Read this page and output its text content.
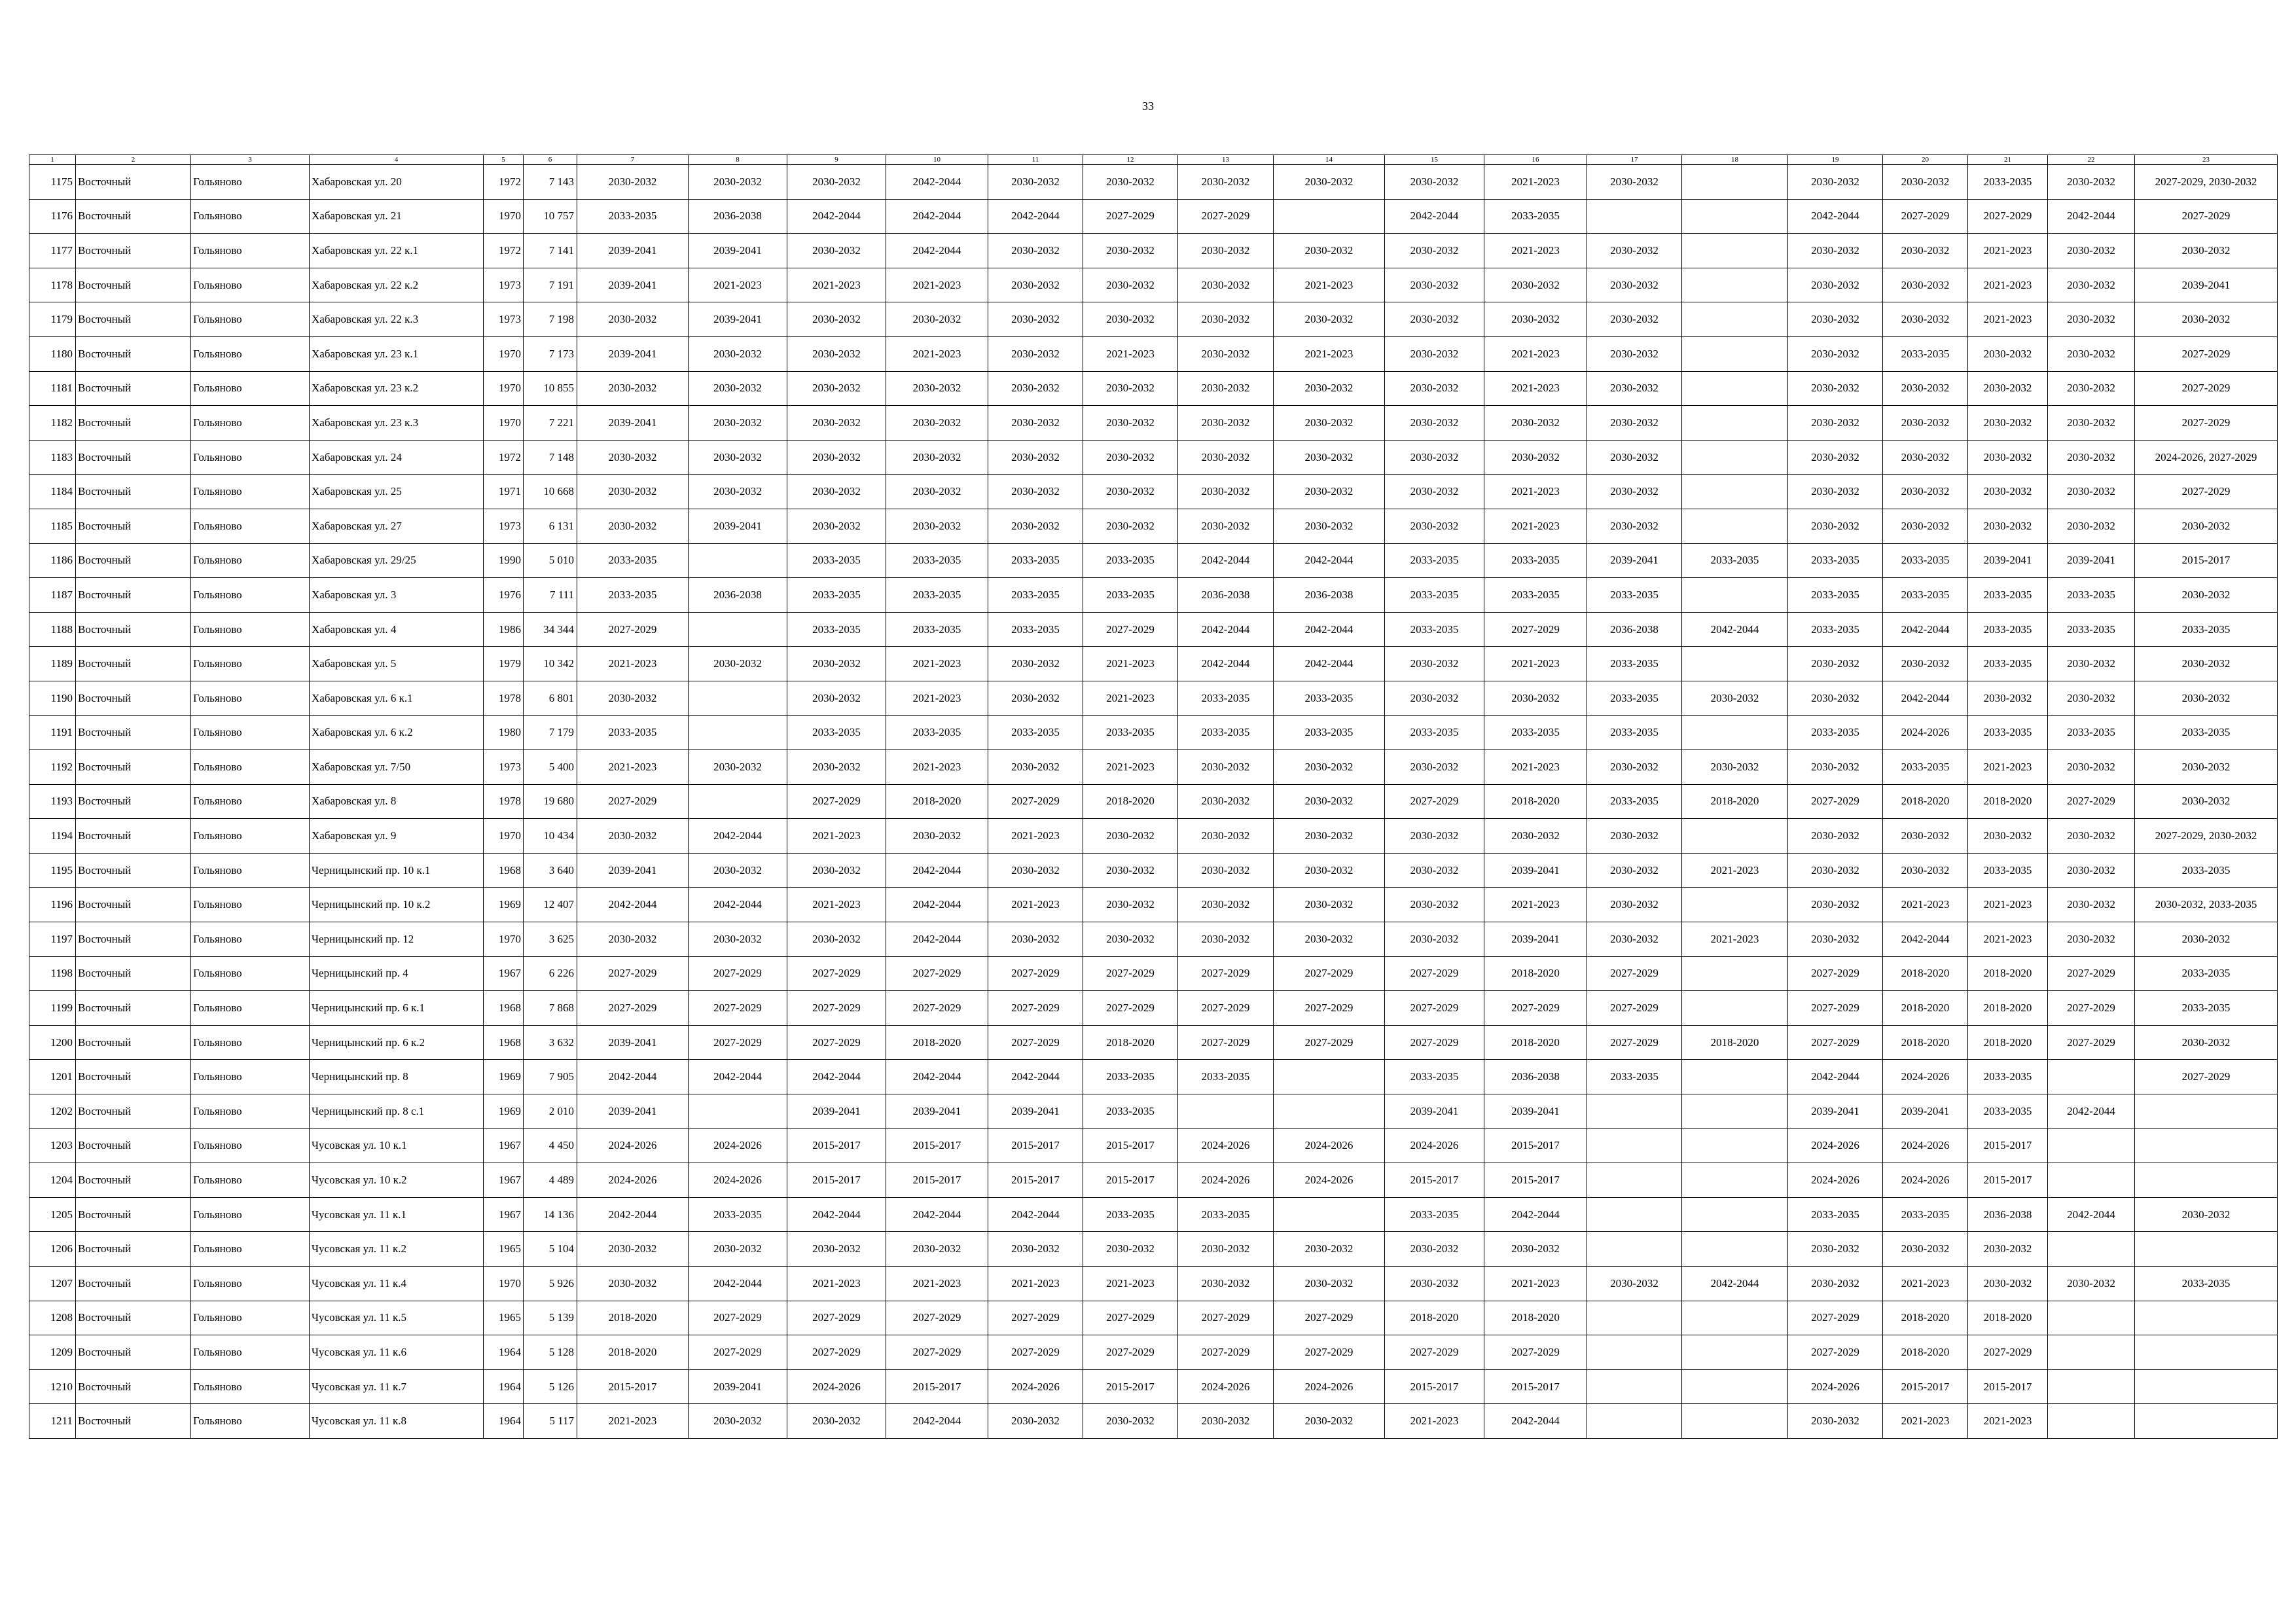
33
1	2	3	4	5	6	7	8	9	10	11	12	13	14	15	16	17	18	19	20	21	22	23
1175	Восточный	Гольяново	Хабаровская ул. 20	1972	7 143	2030-2032	2030-2032	2030-2032	2042-2044	2030-2032	2030-2032	2030-2032	2030-2032	2030-2032	2021-2023	2030-2032		2030-2032	2030-2032	2033-2035	2030-2032	2027-2029, 2030-2032
1176	Восточный	Гольяново	Хабаровская ул. 21	1970	10 757	2033-2035	2036-2038	2042-2044	2042-2044	2042-2044	2027-2029	2027-2029		2042-2044	2033-2035			2042-2044	2027-2029	2027-2029	2042-2044	2027-2029
1177	Восточный	Гольяново	Хабаровская ул. 22 к.1	1972	7 141	2039-2041	2039-2041	2030-2032	2042-2044	2030-2032	2030-2032	2030-2032	2030-2032	2030-2032	2021-2023	2030-2032		2030-2032	2030-2032	2021-2023	2030-2032	2030-2032
1178	Восточный	Гольяново	Хабаровская ул. 22 к.2	1973	7 191	2039-2041	2021-2023	2021-2023	2021-2023	2030-2032	2030-2032	2030-2032	2021-2023	2030-2032	2030-2032	2030-2032		2030-2032	2030-2032	2021-2023	2030-2032	2039-2041
1179	Восточный	Гольяново	Хабаровская ул. 22 к.3	1973	7 198	2030-2032	2039-2041	2030-2032	2030-2032	2030-2032	2030-2032	2030-2032	2030-2032	2030-2032	2030-2032	2030-2032		2030-2032	2030-2032	2021-2023	2030-2032	2030-2032
1180	Восточный	Гольяново	Хабаровская ул. 23 к.1	1970	7 173	2039-2041	2030-2032	2030-2032	2021-2023	2030-2032	2021-2023	2030-2032	2021-2023	2030-2032	2021-2023	2030-2032		2030-2032	2033-2035	2030-2032	2030-2032	2027-2029
1181	Восточный	Гольяново	Хабаровская ул. 23 к.2	1970	10 855	2030-2032	2030-2032	2030-2032	2030-2032	2030-2032	2030-2032	2030-2032	2030-2032	2030-2032	2021-2023	2030-2032		2030-2032	2030-2032	2030-2032	2030-2032	2027-2029
1182	Восточный	Гольяново	Хабаровская ул. 23 к.3	1970	7 221	2039-2041	2030-2032	2030-2032	2030-2032	2030-2032	2030-2032	2030-2032	2030-2032	2030-2032	2030-2032	2030-2032		2030-2032	2030-2032	2030-2032	2030-2032	2027-2029
1183	Восточный	Гольяново	Хабаровская ул. 24	1972	7 148	2030-2032	2030-2032	2030-2032	2030-2032	2030-2032	2030-2032	2030-2032	2030-2032	2030-2032	2030-2032	2030-2032		2030-2032	2030-2032	2030-2032	2030-2032	2024-2026, 2027-2029
1184	Восточный	Гольяново	Хабаровская ул. 25	1971	10 668	2030-2032	2030-2032	2030-2032	2030-2032	2030-2032	2030-2032	2030-2032	2030-2032	2030-2032	2021-2023	2030-2032		2030-2032	2030-2032	2030-2032	2030-2032	2027-2029
1185	Восточный	Гольяново	Хабаровская ул. 27	1973	6 131	2030-2032	2039-2041	2030-2032	2030-2032	2030-2032	2030-2032	2030-2032	2030-2032	2030-2032	2021-2023	2030-2032		2030-2032	2030-2032	2030-2032	2030-2032	2030-2032
1186	Восточный	Гольяново	Хабаровская ул. 29/25	1990	5 010	2033-2035		2033-2035	2033-2035	2033-2035	2033-2035	2042-2044	2042-2044	2033-2035	2033-2035	2039-2041	2033-2035	2033-2035	2033-2035	2039-2041	2039-2041	2015-2017
1187	Восточный	Гольяново	Хабаровская ул. 3	1976	7 111	2033-2035	2036-2038	2033-2035	2033-2035	2033-2035	2033-2035	2036-2038	2036-2038	2033-2035	2033-2035	2033-2035		2033-2035	2033-2035	2033-2035	2033-2035	2030-2032
1188	Восточный	Гольяново	Хабаровская ул. 4	1986	34 344	2027-2029		2033-2035	2033-2035	2033-2035	2027-2029	2042-2044	2042-2044	2033-2035	2027-2029	2036-2038	2042-2044	2033-2035	2042-2044	2033-2035	2033-2035	2033-2035
1189	Восточный	Гольяново	Хабаровская ул. 5	1979	10 342	2021-2023	2030-2032	2030-2032	2021-2023	2030-2032	2021-2023	2042-2044	2042-2044	2030-2032	2021-2023	2033-2035		2030-2032	2030-2032	2033-2035	2030-2032	2030-2032
1190	Восточный	Гольяново	Хабаровская ул. 6 к.1	1978	6 801	2030-2032		2030-2032	2021-2023	2030-2032	2021-2023	2033-2035	2033-2035	2030-2032	2030-2032	2033-2035	2030-2032	2030-2032	2042-2044	2030-2032	2030-2032	2030-2032
1191	Восточный	Гольяново	Хабаровская ул. 6 к.2	1980	7 179	2033-2035		2033-2035	2033-2035	2033-2035	2033-2035	2033-2035	2033-2035	2033-2035	2033-2035	2033-2035		2033-2035	2024-2026	2033-2035	2033-2035	2033-2035
1192	Восточный	Гольяново	Хабаровская ул. 7/50	1973	5 400	2021-2023	2030-2032	2030-2032	2021-2023	2030-2032	2021-2023	2030-2032	2030-2032	2030-2032	2021-2023	2030-2032	2030-2032	2030-2032	2033-2035	2021-2023	2030-2032	2030-2032
1193	Восточный	Гольяново	Хабаровская ул. 8	1978	19 680	2027-2029		2027-2029	2018-2020	2027-2029	2018-2020	2030-2032	2030-2032	2027-2029	2018-2020	2033-2035	2018-2020	2027-2029	2018-2020	2018-2020	2027-2029	2030-2032
1194	Восточный	Гольяново	Хабаровская ул. 9	1970	10 434	2030-2032	2042-2044	2021-2023	2030-2032	2021-2023	2030-2032	2030-2032	2030-2032	2030-2032	2030-2032	2030-2032		2030-2032	2030-2032	2030-2032	2030-2032	2027-2029, 2030-2032
1195	Восточный	Гольяново	Черницынский пр. 10 к.1	1968	3 640	2039-2041	2030-2032	2030-2032	2042-2044	2030-2032	2030-2032	2030-2032	2030-2032	2030-2032	2039-2041	2030-2032	2021-2023	2030-2032	2030-2032	2033-2035	2030-2032	2033-2035
1196	Восточный	Гольяново	Черницынский пр. 10 к.2	1969	12 407	2042-2044	2042-2044	2021-2023	2042-2044	2021-2023	2030-2032	2030-2032	2030-2032	2030-2032	2021-2023	2030-2032		2030-2032	2021-2023	2021-2023	2030-2032	2030-2032, 2033-2035
1197	Восточный	Гольяново	Черницынский пр. 12	1970	3 625	2030-2032	2030-2032	2030-2032	2042-2044	2030-2032	2030-2032	2030-2032	2030-2032	2030-2032	2039-2041	2030-2032	2021-2023	2030-2032	2042-2044	2021-2023	2030-2032	2030-2032
1198	Восточный	Гольяново	Черницынский пр. 4	1967	6 226	2027-2029	2027-2029	2027-2029	2027-2029	2027-2029	2027-2029	2027-2029	2027-2029	2027-2029	2018-2020	2027-2029		2027-2029	2018-2020	2018-2020	2027-2029	2033-2035
1199	Восточный	Гольяново	Черницынский пр. 6 к.1	1968	7 868	2027-2029	2027-2029	2027-2029	2027-2029	2027-2029	2027-2029	2027-2029	2027-2029	2027-2029	2027-2029	2027-2029		2027-2029	2018-2020	2018-2020	2027-2029	2033-2035
1200	Восточный	Гольяново	Черницынский пр. 6 к.2	1968	3 632	2039-2041	2027-2029	2027-2029	2018-2020	2027-2029	2018-2020	2027-2029	2027-2029	2027-2029	2018-2020	2027-2029	2018-2020	2027-2029	2018-2020	2018-2020	2027-2029	2030-2032
1201	Восточный	Гольяново	Черницынский пр. 8	1969	7 905	2042-2044	2042-2044	2042-2044	2042-2044	2042-2044	2033-2035	2033-2035		2033-2035	2036-2038	2033-2035		2042-2044	2024-2026	2033-2035		2027-2029
1202	Восточный	Гольяново	Черницынский пр. 8 с.1	1969	2 010	2039-2041		2039-2041	2039-2041	2039-2041	2033-2035			2039-2041	2039-2041			2039-2041	2039-2041	2033-2035	2042-2044	
1203	Восточный	Гольяново	Чусовская ул. 10 к.1	1967	4 450	2024-2026	2024-2026	2015-2017	2015-2017	2015-2017	2015-2017	2024-2026	2024-2026	2024-2026	2015-2017			2024-2026	2024-2026	2015-2017		
1204	Восточный	Гольяново	Чусовская ул. 10 к.2	1967	4 489	2024-2026	2024-2026	2015-2017	2015-2017	2015-2017	2015-2017	2024-2026	2024-2026	2015-2017	2015-2017			2024-2026	2024-2026	2015-2017		
1205	Восточный	Гольяново	Чусовская ул. 11 к.1	1967	14 136	2042-2044	2033-2035	2042-2044	2042-2044	2042-2044	2033-2035	2033-2035		2033-2035	2042-2044			2033-2035	2033-2035	2036-2038	2042-2044	2030-2032
1206	Восточный	Гольяново	Чусовская ул. 11 к.2	1965	5 104	2030-2032	2030-2032	2030-2032	2030-2032	2030-2032	2030-2032	2030-2032	2030-2032	2030-2032	2030-2032			2030-2032	2030-2032	2030-2032		
1207	Восточный	Гольяново	Чусовская ул. 11 к.4	1970	5 926	2030-2032	2042-2044	2021-2023	2021-2023	2021-2023	2021-2023	2030-2032	2030-2032	2030-2032	2021-2023	2030-2032	2042-2044	2030-2032	2021-2023	2030-2032	2030-2032	2033-2035
1208	Восточный	Гольяново	Чусовская ул. 11 к.5	1965	5 139	2018-2020	2027-2029	2027-2029	2027-2029	2027-2029	2027-2029	2027-2029	2027-2029	2018-2020	2018-2020			2027-2029	2018-2020	2018-2020		
1209	Восточный	Гольяново	Чусовская ул. 11 к.6	1964	5 128	2018-2020	2027-2029	2027-2029	2027-2029	2027-2029	2027-2029	2027-2029	2027-2029	2027-2029	2027-2029			2027-2029	2018-2020	2027-2029		
1210	Восточный	Гольяново	Чусовская ул. 11 к.7	1964	5 126	2015-2017	2039-2041	2024-2026	2015-2017	2024-2026	2015-2017	2024-2026	2024-2026	2015-2017	2015-2017			2024-2026	2015-2017	2015-2017		
1211	Восточный	Гольяново	Чусовская ул. 11 к.8	1964	5 117	2021-2023	2030-2032	2030-2032	2042-2044	2030-2032	2030-2032	2030-2032	2030-2032	2021-2023	2042-2044			2030-2032	2021-2023	2021-2023		
